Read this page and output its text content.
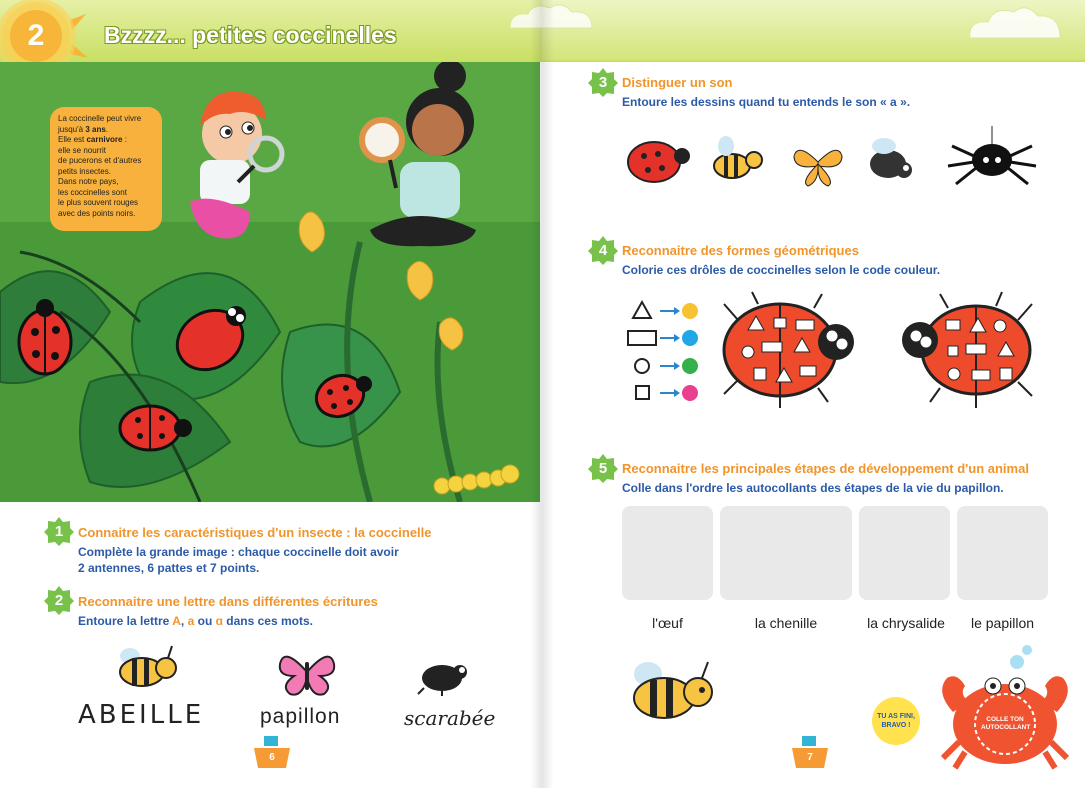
2	Bzzzz... petites coccinelles
La coccinelle peut vivre
jusqu'à 3 ans.
Elle est carnivore :
elle se nourrit
de pucerons et d'autres
petits insectes.
Dans notre pays,
les coccinelles sont
le plus souvent rouges
avec des points noirs.
1	Connaitre les caractéristiques d'un insecte : la coccinelle
Complète la grande image : chaque coccinelle doit avoir
2 antennes, 6 pattes et 7 points.
2	Reconnaitre une lettre dans différentes écritures
Entoure la lettre A, a ou ɑ dans ces mots.
ABEILLE	papillon	scarabée
6
3	Distinguer un son
Entoure les dessins quand tu entends le son « a ».
4	Reconnaitre des formes géométriques
Colorie ces drôles de coccinelles selon le code couleur.
5	Reconnaitre les principales étapes de développement d'un animal
Colle dans l'ordre les autocollants des étapes de la vie du papillon.
l'œuf	la chenille	la chrysalide	le papillon
COLLE TON AUTOCOLLANT
TU AS FINI, BRAVO !
7
